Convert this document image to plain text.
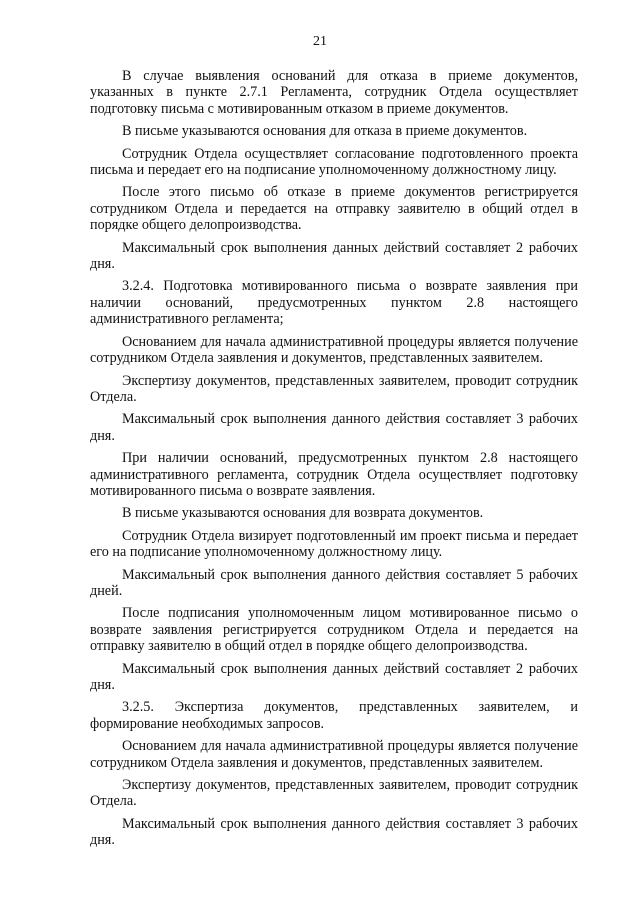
21

В случае выявления оснований для отказа в приеме документов, указанных в пункте 2.7.1 Регламента, сотрудник Отдела осуществляет подготовку письма с мотивированным отказом в приеме документов.

В письме указываются основания для отказа в приеме документов.

Сотрудник Отдела осуществляет согласование подготовленного проекта письма и передает его на подписание уполномоченному должностному лицу.

После этого письмо об отказе в приеме документов регистрируется сотрудником Отдела и передается на отправку заявителю в общий отдел в порядке общего делопроизводства.

Максимальный срок выполнения данных действий составляет 2 рабочих дня.

3.2.4. Подготовка мотивированного письма о возврате заявления при наличии оснований, предусмотренных пунктом 2.8 настоящего административного регламента;

Основанием для начала административной процедуры является получение сотрудником Отдела заявления и документов, представленных заявителем.

Экспертизу документов, представленных заявителем, проводит сотрудник Отдела.

Максимальный срок выполнения данного действия составляет 3 рабочих дня.

При наличии оснований, предусмотренных пунктом 2.8 настоящего административного регламента, сотрудник Отдела осуществляет подготовку мотивированного письма о возврате заявления.

В письме указываются основания для возврата документов.

Сотрудник Отдела визирует подготовленный им проект письма и передает его на подписание уполномоченному должностному лицу.

Максимальный срок выполнения данного действия составляет 5 рабочих дней.

После подписания уполномоченным лицом мотивированное письмо о возврате заявления регистрируется сотрудником Отдела и передается на отправку заявителю в общий отдел в порядке общего делопроизводства.

Максимальный срок выполнения данных действий составляет 2 рабочих дня.

3.2.5. Экспертиза документов, представленных заявителем, и формирование необходимых запросов.

Основанием для начала административной процедуры является получение сотрудником Отдела заявления и документов, представленных заявителем.

Экспертизу документов, представленных заявителем, проводит сотрудник Отдела.

Максимальный срок выполнения данного действия составляет 3 рабочих дня.
